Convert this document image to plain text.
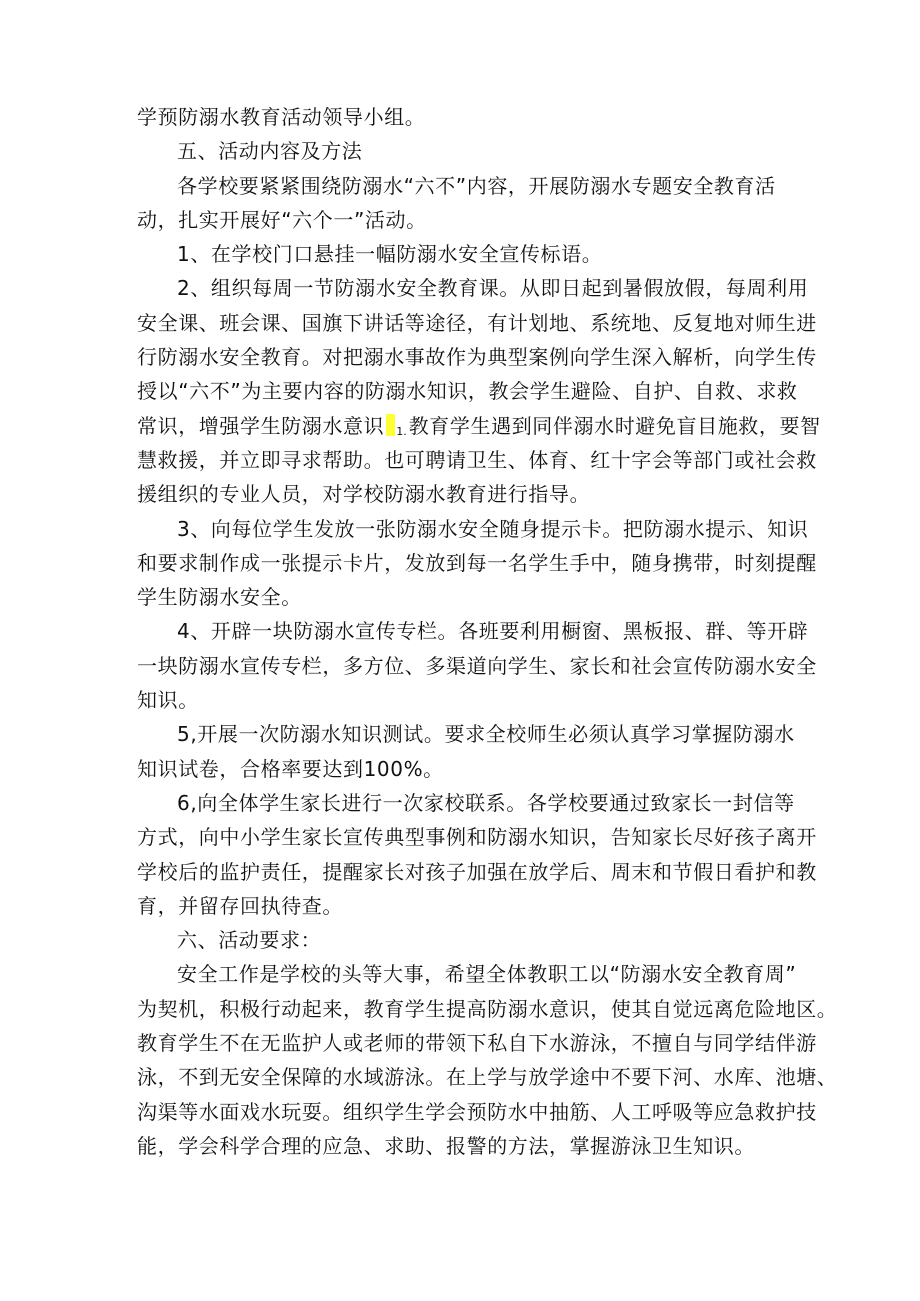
学预防溺水教育活动领导小组。
五、活动内容及方法
各学校要紧紧围绕防溺水“六不”内容，开展防溺水专题安全教育活
动，扎实开展好“六个一”活动。
1、在学校门口悬挂一幅防溺水安全宣传标语。
2、组织每周一节防溺水安全教育课。从即日起到暑假放假，每周利用
安全课、班会课、国旗下讲话等途径，有计划地、系统地、反复地对师生进
行防溺水安全教育。对把溺水事故作为典型案例向学生深入解析，向学生传
授以“六不”为主要内容的防溺水知识，教会学生避险、自护、自救、求救
常识，增强学生防溺水意识 1. 教育学生遇到同伴溺水时避免盲目施救，要智
慧救援，并立即寻求帮助。也可聘请卫生、体育、红十字会等部门或社会救
援组织的专业人员，对学校防溺水教育进行指导。
3、向每位学生发放一张防溺水安全随身提示卡。把防溺水提示、知识
和要求制作成一张提示卡片，发放到每一名学生手中，随身携带，时刻提醒
学生防溺水安全。
4、开辟一块防溺水宣传专栏。各班要利用橱窗、黑板报、群、等开辟
一块防溺水宣传专栏，多方位、多渠道向学生、家长和社会宣传防溺水安全
知识。
5,开展一次防溺水知识测试。要求全校师生必须认真学习掌握防溺水
知识试卷，合格率要达到100%。
6,向全体学生家长进行一次家校联系。各学校要通过致家长一封信等
方式，向中小学生家长宣传典型事例和防溺水知识，告知家长尽好孩子离开
学校后的监护责任，提醒家长对孩子加强在放学后、周末和节假日看护和教
育，并留存回执待查。
六、活动要求：
安全工作是学校的头等大事，希望全体教职工以“防溺水安全教育周”
为契机，积极行动起来，教育学生提高防溺水意识，使其自觉远离危险地区。
教育学生不在无监护人或老师的带领下私自下水游泳，不擅自与同学结伴游
泳，不到无安全保障的水域游泳。在上学与放学途中不要下河、水库、池塘、
沟渠等水面戏水玩耍。组织学生学会预防水中抽筋、人工呼吸等应急救护技
能，学会科学合理的应急、求助、报警的方法，掌握游泳卫生知识。
